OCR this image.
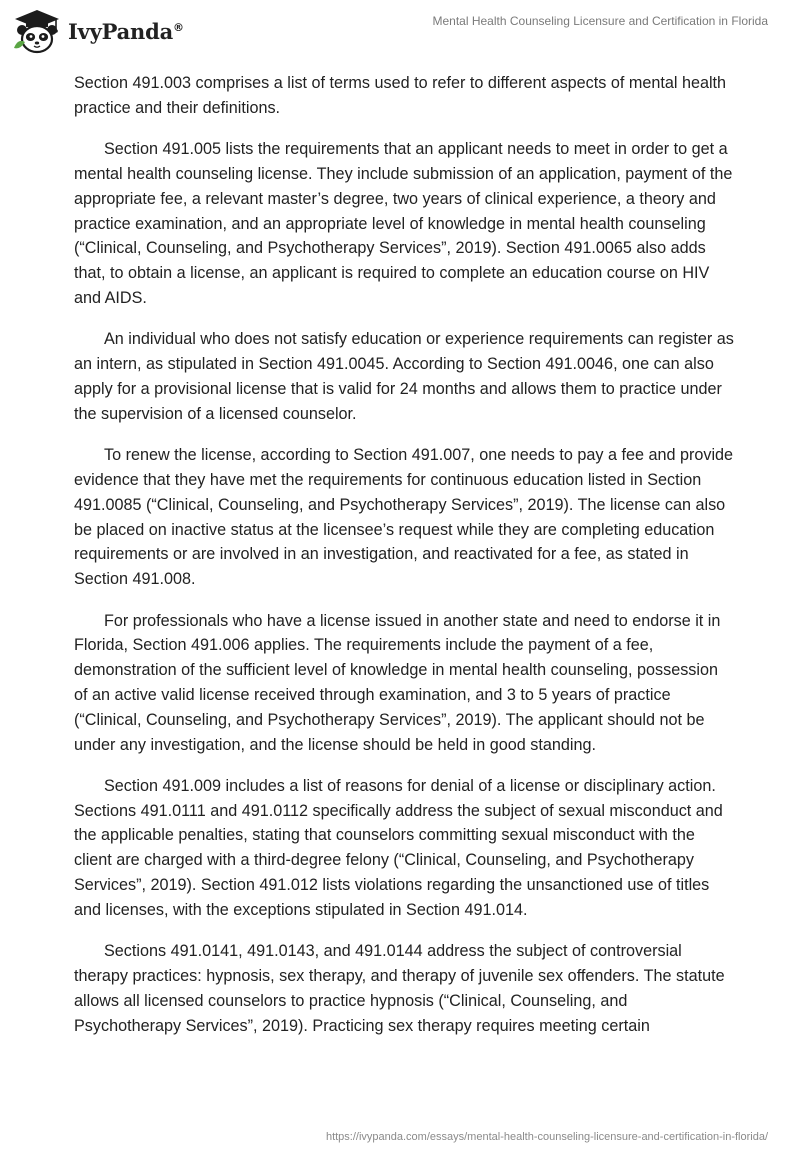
IvyPanda®	Mental Health Counseling Licensure and Certification in Florida

Section 491.003 comprises a list of terms used to refer to different aspects of mental health practice and their definitions.

Section 491.005 lists the requirements that an applicant needs to meet in order to get a mental health counseling license. They include submission of an application, payment of the appropriate fee, a relevant master’s degree, two years of clinical experience, a theory and practice examination, and an appropriate level of knowledge in mental health counseling (“Clinical, Counseling, and Psychotherapy Services”, 2019). Section 491.0065 also adds that, to obtain a license, an applicant is required to complete an education course on HIV and AIDS.

An individual who does not satisfy education or experience requirements can register as an intern, as stipulated in Section 491.0045. According to Section 491.0046, one can also apply for a provisional license that is valid for 24 months and allows them to practice under the supervision of a licensed counselor.

To renew the license, according to Section 491.007, one needs to pay a fee and provide evidence that they have met the requirements for continuous education listed in Section 491.0085 (“Clinical, Counseling, and Psychotherapy Services”, 2019). The license can also be placed on inactive status at the licensee’s request while they are completing education requirements or are involved in an investigation, and reactivated for a fee, as stated in Section 491.008.

For professionals who have a license issued in another state and need to endorse it in Florida, Section 491.006 applies. The requirements include the payment of a fee, demonstration of the sufficient level of knowledge in mental health counseling, possession of an active valid license received through examination, and 3 to 5 years of practice (“Clinical, Counseling, and Psychotherapy Services”, 2019). The applicant should not be under any investigation, and the license should be held in good standing.

Section 491.009 includes a list of reasons for denial of a license or disciplinary action. Sections 491.0111 and 491.0112 specifically address the subject of sexual misconduct and the applicable penalties, stating that counselors committing sexual misconduct with the client are charged with a third-degree felony (“Clinical, Counseling, and Psychotherapy Services”, 2019). Section 491.012 lists violations regarding the unsanctioned use of titles and licenses, with the exceptions stipulated in Section 491.014.

Sections 491.0141, 491.0143, and 491.0144 address the subject of controversial therapy practices: hypnosis, sex therapy, and therapy of juvenile sex offenders. The statute allows all licensed counselors to practice hypnosis (“Clinical, Counseling, and Psychotherapy Services”, 2019). Practicing sex therapy requires meeting certain

https://ivypanda.com/essays/mental-health-counseling-licensure-and-certification-in-florida/
